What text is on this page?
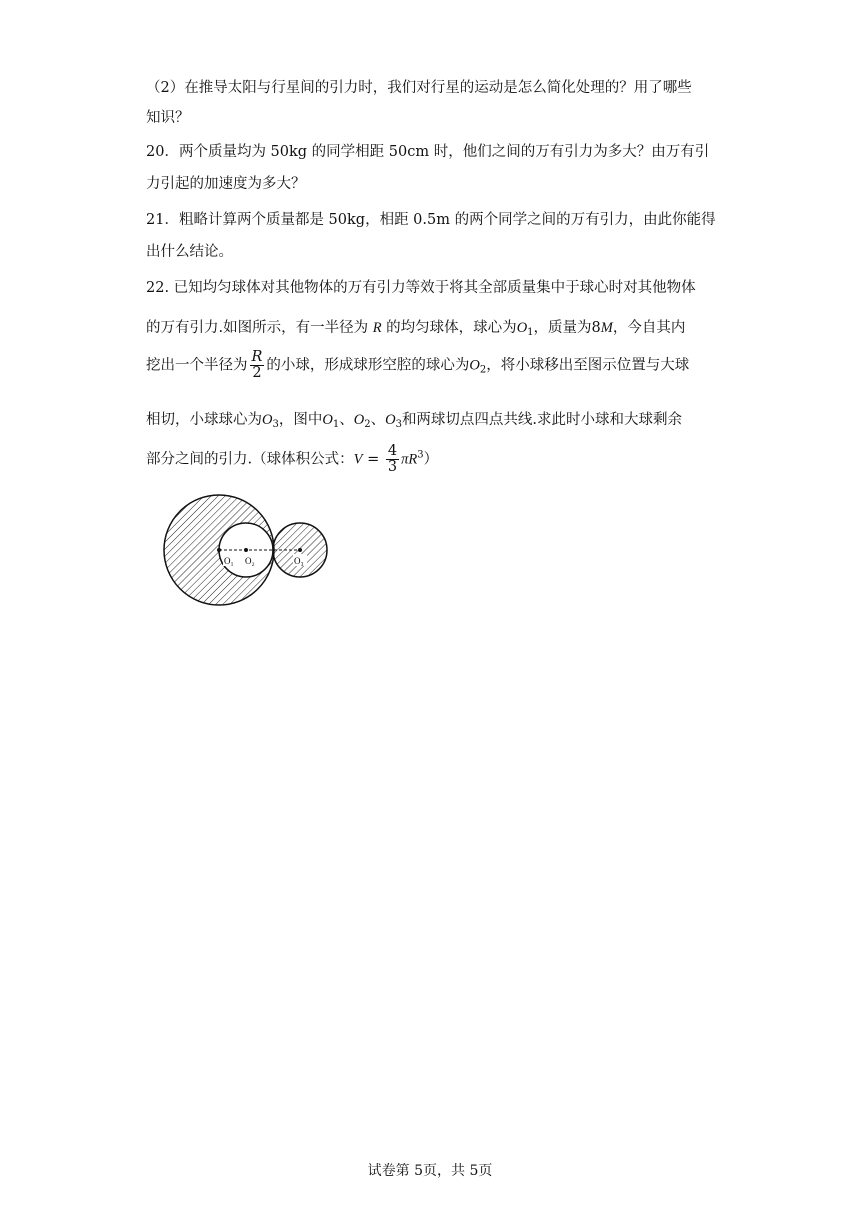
（2）在推导太阳与行星间的引力时，我们对行星的运动是怎么简化处理的？用了哪些
知识？
20．两个质量均为 50kg 的同学相距 50cm 时，他们之间的万有引力为多大？由万有引
力引起的加速度为多大？
21．粗略计算两个质量都是 50kg，相距 0.5m 的两个同学之间的万有引力，由此你能得
出什么结论。
22. 已知均匀球体对其他物体的万有引力等效于将其全部质量集中于球心时对其他物体
的万有引力.如图所示，有一半径为 R 的均匀球体，球心为$O_1$，质量为8M，今自其内
挖出一个半径为 $\frac{R}{2}$ 的小球，形成球形空腔的球心为$O_2$，将小球移出至图示位置与大球
相切，小球球心为$O_3$，图中$O_1$、$O_2$、$O_3$和两球切点四点共线.求此时小球和大球剩余
部分之间的引力.（球体积公式：$V = \frac{4}{3} \pi R^3$）
O₁ O₂	O₃
试卷第 5页，共 5页
